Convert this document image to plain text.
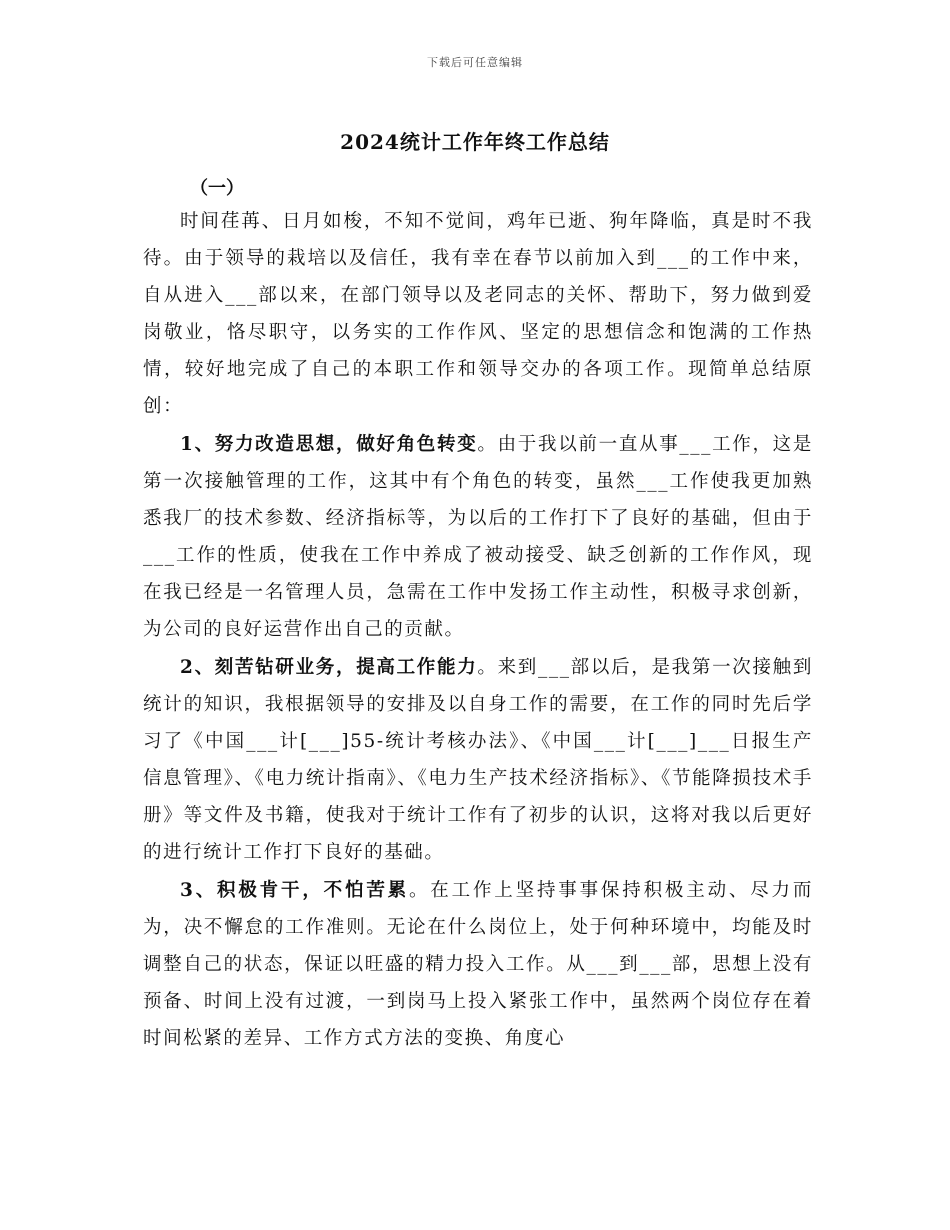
下载后可任意编辑
2024统计工作年终工作总结
（一）

时间荏苒、日月如梭，不知不觉间，鸡年已逝、狗年降临，真是时不我待。由于领导的栽培以及信任，我有幸在春节以前加入到___的工作中来，自从进入___部以来，在部门领导以及老同志的关怀、帮助下，努力做到爱岗敬业，恪尽职守，以务实的工作作风、坚定的思想信念和饱满的工作热情，较好地完成了自己的本职工作和领导交办的各项工作。现简单总结原创：

1、努力改造思想，做好角色转变。由于我以前一直从事___工作，这是第一次接触管理的工作，这其中有个角色的转变，虽然___工作使我更加熟悉我厂的技术参数、经济指标等，为以后的工作打下了良好的基础，但由于___工作的性质，使我在工作中养成了被动接受、缺乏创新的工作作风，现在我已经是一名管理人员，急需在工作中发扬工作主动性，积极寻求创新，为公司的良好运营作出自己的贡献。

2、刻苦钻研业务，提高工作能力。来到___部以后，是我第一次接触到统计的知识，我根据领导的安排及以自身工作的需要，在工作的同时先后学习了《中国___计[___]55-统计考核办法》、《中国___计[___]___日报生产信息管理》、《电力统计指南》、《电力生产技术经济指标》、《节能降损技术手册》等文件及书籍，使我对于统计工作有了初步的认识，这将对我以后更好的进行统计工作打下良好的基础。

3、积极肯干，不怕苦累。在工作上坚持事事保持积极主动、尽力而为，决不懈怠的工作准则。无论在什么岗位上，处于何种环境中，均能及时调整自己的状态，保证以旺盛的精力投入工作。从___到___部，思想上没有预备、时间上没有过渡，一到岗马上投入紧张工作中，虽然两个岗位存在着时间松紧的差异、工作方式方法的变换、角度心
